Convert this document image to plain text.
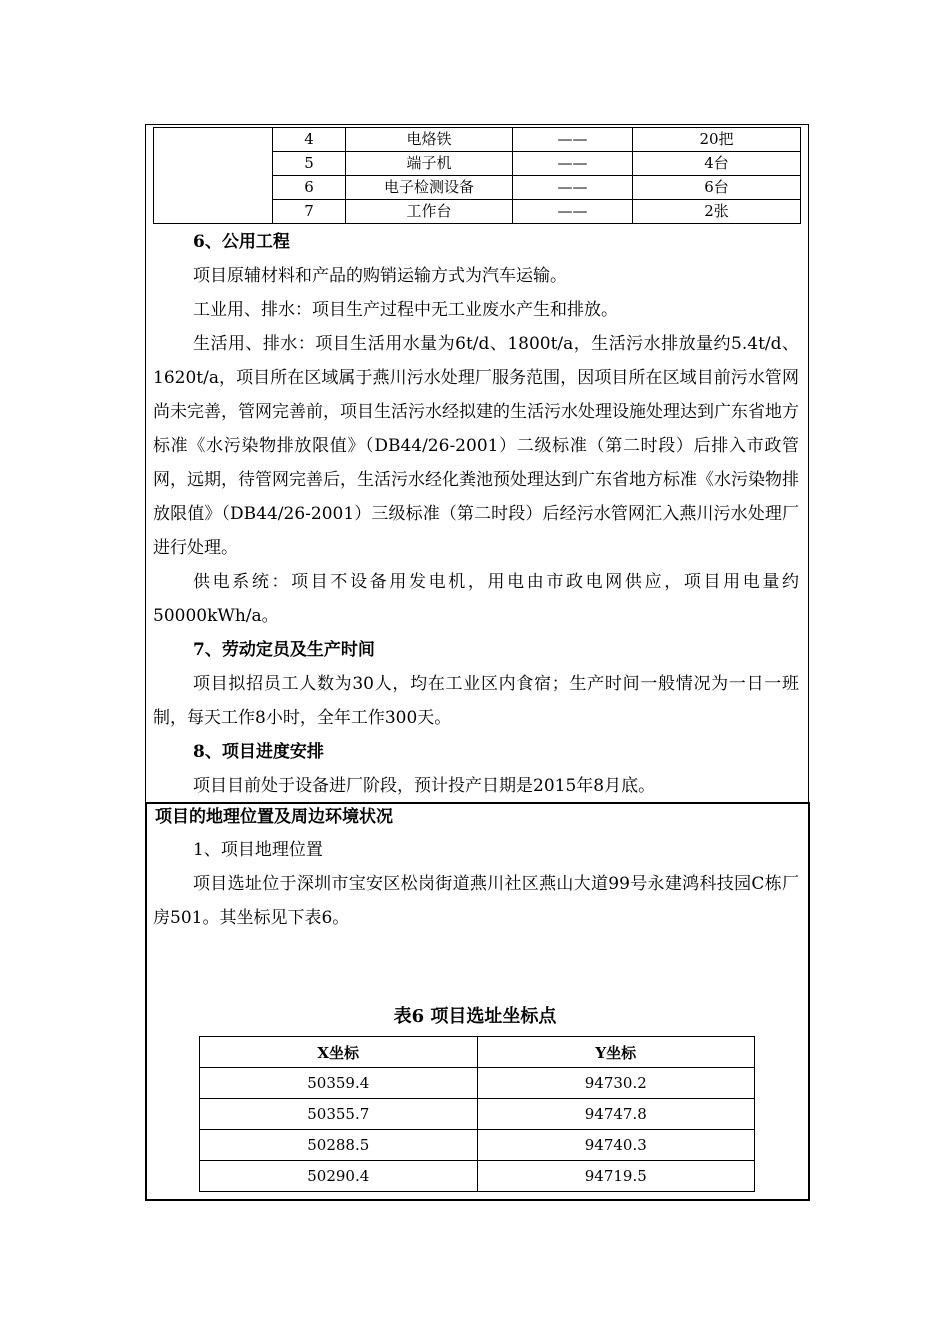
	4	电烙铁	——	20把
	5	端子机	——	4台
	6	电子检测设备	——	6台
	7	工作台	——	2张
6、公用工程
项目原辅材料和产品的购销运输方式为汽车运输。
工业用、排水：项目生产过程中无工业废水产生和排放。
生活用、排水：项目生活用水量为6t/d、1800t/a，生活污水排放量约5.4t/d、1620t/a，项目所在区域属于燕川污水处理厂服务范围，因项目所在区域目前污水管网尚未完善，管网完善前，项目生活污水经拟建的生活污水处理设施处理达到广东省地方标准《水污染物排放限值》（DB44/26-2001）二级标准（第二时段）后排入市政管网，远期，待管网完善后，生活污水经化粪池预处理达到广东省地方标准《水污染物排放限值》（DB44/26-2001）三级标准（第二时段）后经污水管网汇入燕川污水处理厂进行处理。
供电系统：项目不设备用发电机，用电由市政电网供应，项目用电量约50000kWh/a。
7、劳动定员及生产时间
项目拟招员工人数为30人，均在工业区内食宿；生产时间一般情况为一日一班制，每天工作8小时，全年工作300天。
8、项目进度安排
项目目前处于设备进厂阶段，预计投产日期是2015年8月底。
项目的地理位置及周边环境状况
1、项目地理位置
项目选址位于深圳市宝安区松岗街道燕川社区燕山大道99号永建鸿科技园C栋厂房501。其坐标见下表6。
表6 项目选址坐标点
X坐标	Y坐标
50359.4	94730.2
50355.7	94747.8
50288.5	94740.3
50290.4	94719.5
